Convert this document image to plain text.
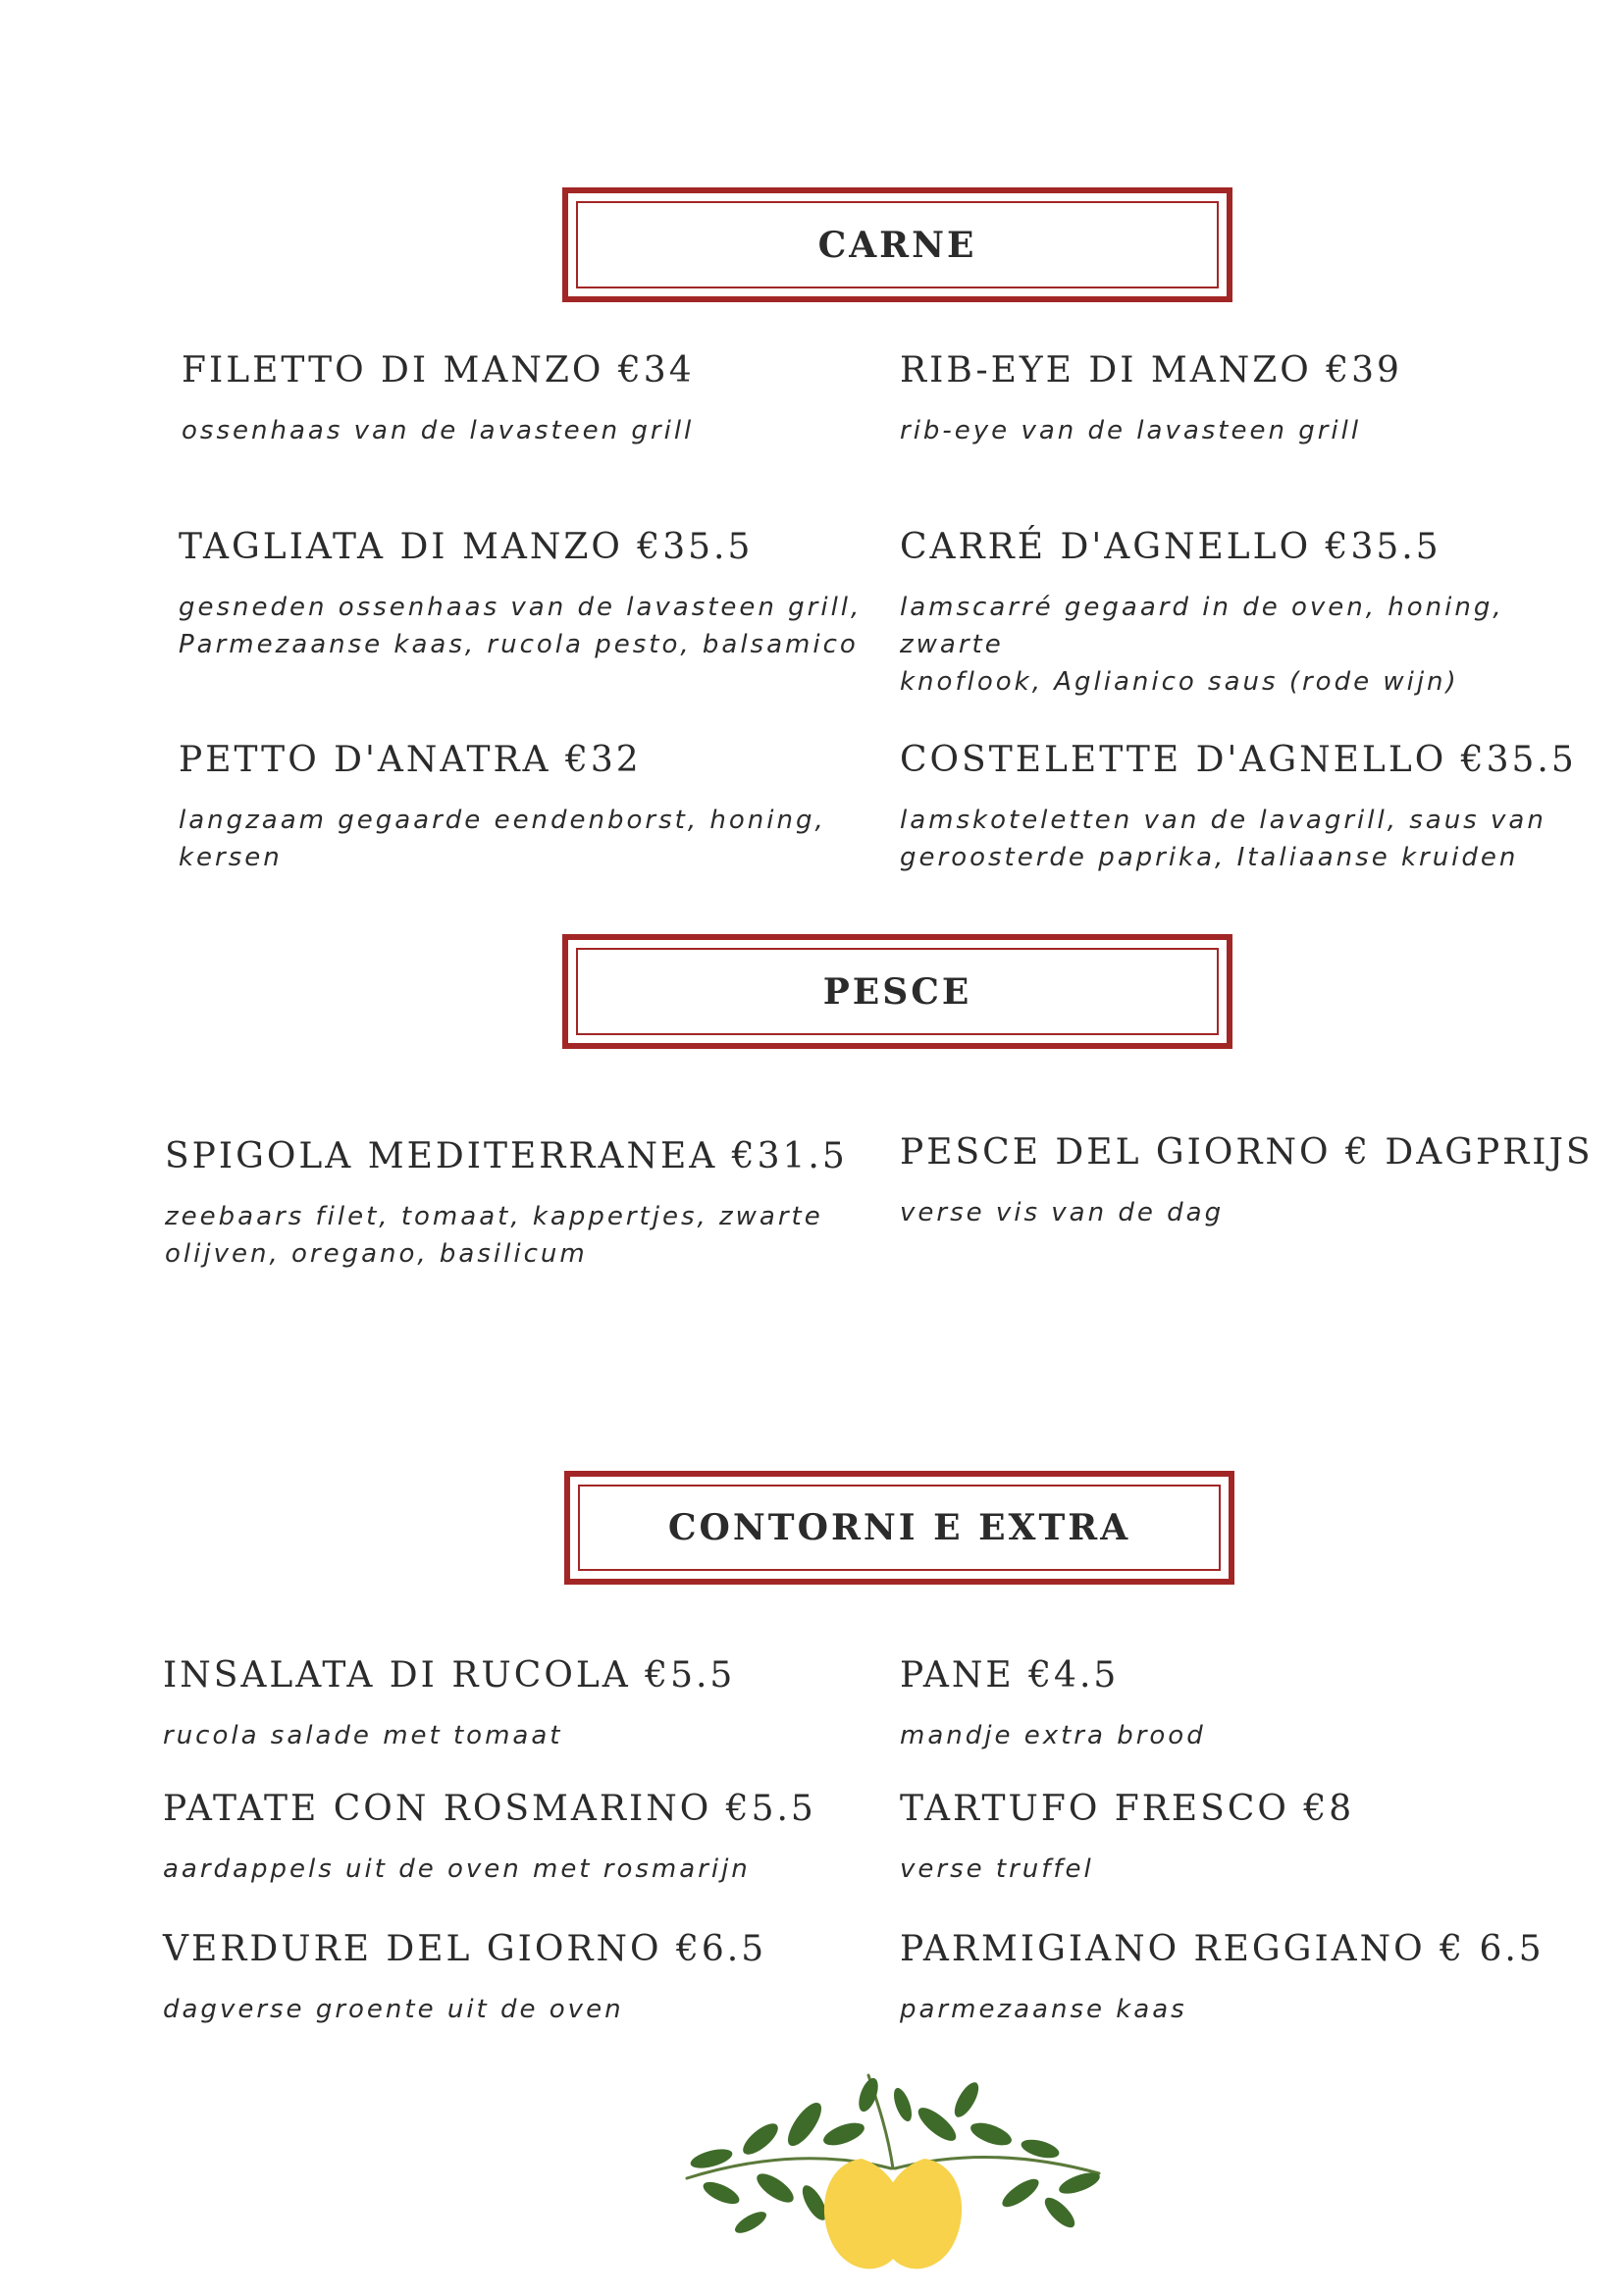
CARNE
FILETTO DI MANZO €34
ossenhaas van de lavasteen grill
RIB-EYE DI MANZO €39
rib-eye van de lavasteen grill
TAGLIATA DI MANZO €35.5
gesneden ossenhaas van de lavasteen grill,
Parmezaanse kaas, rucola pesto, balsamico
CARRÉ D'AGNELLO €35.5
lamscarré gegaard in de oven, honing, zwarte
knoflook, Aglianico saus (rode wijn)
PETTO D'ANATRA €32
langzaam gegaarde eendenborst, honing,
kersen
COSTELETTE D'AGNELLO €35.5
lamskoteletten van de lavagrill, saus van
geroosterde paprika, Italiaanse kruiden
PESCE
SPIGOLA MEDITERRANEA €31.5
zeebaars filet, tomaat, kappertjes, zwarte
olijven, oregano, basilicum
PESCE DEL GIORNO € DAGPRIJS
verse vis van de dag
CONTORNI E EXTRA
INSALATA DI RUCOLA €5.5
rucola salade met tomaat
PANE €4.5
mandje extra brood
PATATE CON ROSMARINO €5.5
aardappels uit de oven met rosmarijn
TARTUFO FRESCO €8
verse truffel
VERDURE DEL GIORNO €6.5
dagverse groente uit de oven
PARMIGIANO REGGIANO € 6.5
parmezaanse kaas
